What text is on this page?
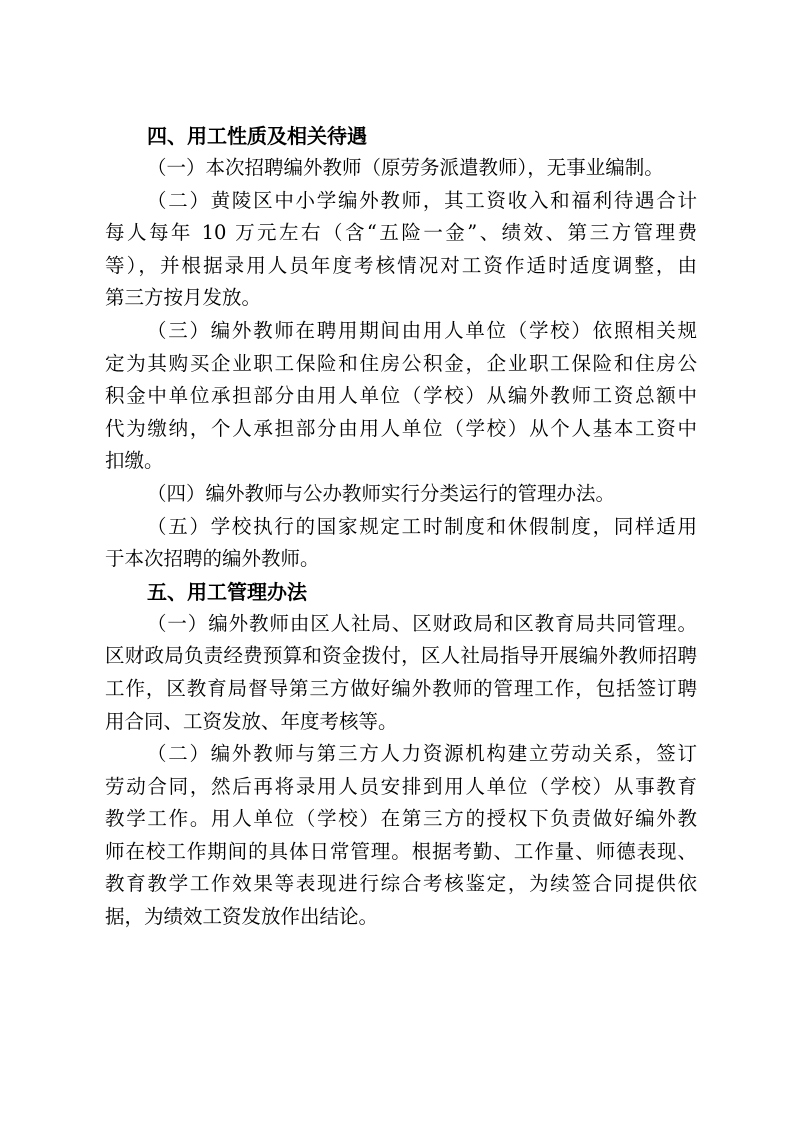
四、用工性质及相关待遇
（一）本次招聘编外教师（原劳务派遣教师），无事业编制。
（二）黄陵区中小学编外教师，其工资收入和福利待遇合计
每人每年 10 万元左右（含“五险一金”、绩效、第三方管理费
等），并根据录用人员年度考核情况对工资作适时适度调整，由
第三方按月发放。
（三）编外教师在聘用期间由用人单位（学校）依照相关规
定为其购买企业职工保险和住房公积金，企业职工保险和住房公
积金中单位承担部分由用人单位（学校）从编外教师工资总额中
代为缴纳，个人承担部分由用人单位（学校）从个人基本工资中
扣缴。
（四）编外教师与公办教师实行分类运行的管理办法。
（五）学校执行的国家规定工时制度和休假制度，同样适用
于本次招聘的编外教师。
五、用工管理办法
（一）编外教师由区人社局、区财政局和区教育局共同管理。
区财政局负责经费预算和资金拨付，区人社局指导开展编外教师招聘
工作，区教育局督导第三方做好编外教师的管理工作，包括签订聘
用合同、工资发放、年度考核等。
（二）编外教师与第三方人力资源机构建立劳动关系，签订
劳动合同，然后再将录用人员安排到用人单位（学校）从事教育
教学工作。用人单位（学校）在第三方的授权下负责做好编外教
师在校工作期间的具体日常管理。根据考勤、工作量、师德表现、
教育教学工作效果等表现进行综合考核鉴定，为续签合同提供依
据，为绩效工资发放作出结论。
